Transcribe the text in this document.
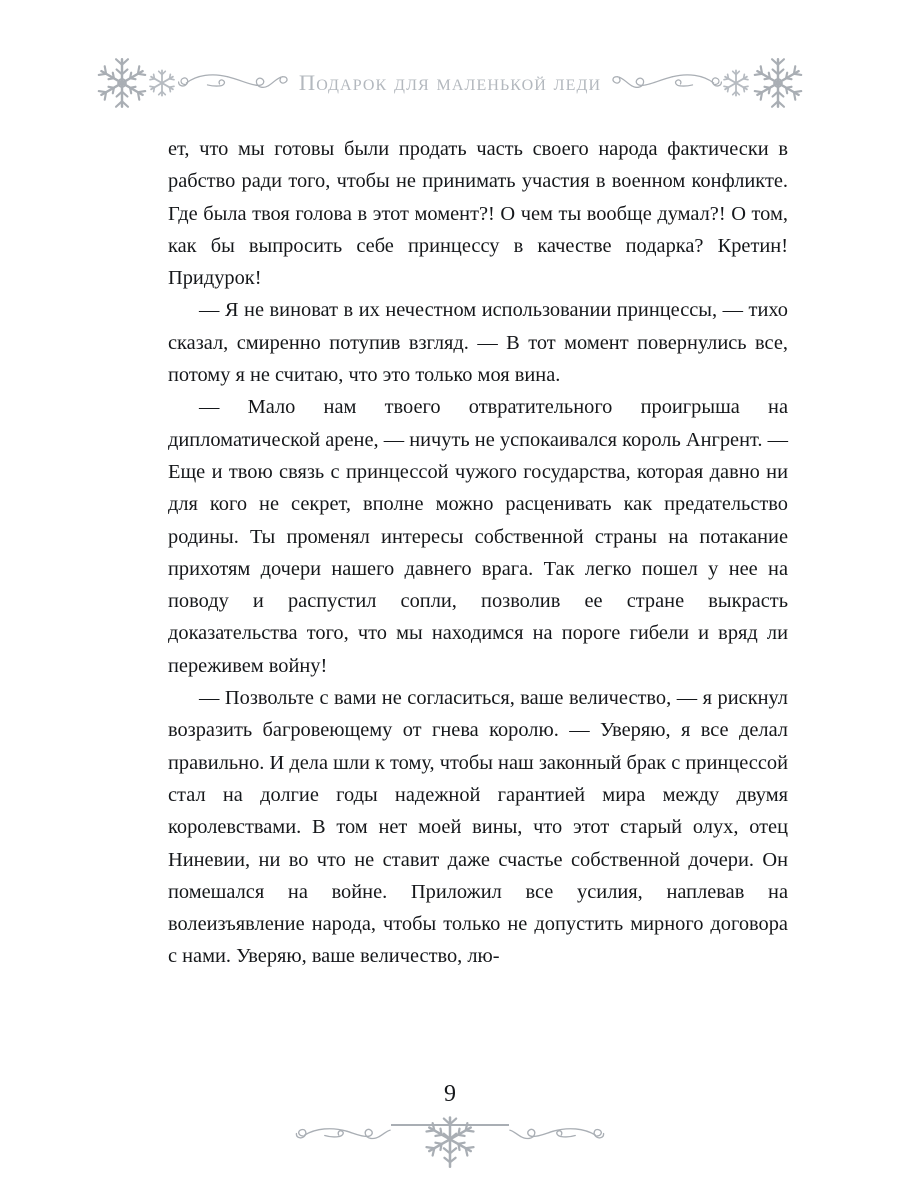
Подарок для маленькой леди

ет, что мы готовы были продать часть своего народа фактически в рабство ради того, чтобы не принимать участия в военном конфликте. Где была твоя голова в этот момент?! О чем ты вообще думал?! О том, как бы выпросить себе принцессу в качестве подарка? Кретин! Придурок!

— Я не виноват в их нечестном использовании принцессы, — тихо сказал, смиренно потупив взгляд. — В тот момент повернулись все, потому я не считаю, что это только моя вина.

— Мало нам твоего отвратительного проигрыша на дипломатической арене, — ничуть не успокаивался король Ангрент. — Еще и твою связь с принцессой чужого государства, которая давно ни для кого не секрет, вполне можно расценивать как предательство родины. Ты променял интересы собственной страны на потакание прихотям дочери нашего давнего врага. Так легко пошел у нее на поводу и распустил сопли, позволив ее стране выкрасть доказательства того, что мы находимся на пороге гибели и вряд ли переживем войну!

— Позвольте с вами не согласиться, ваше величество, — я рискнул возразить багровеющему от гнева королю. — Уверяю, я все делал правильно. И дела шли к тому, чтобы наш законный брак с принцессой стал на долгие годы надежной гарантией мира между двумя королевствами. В том нет моей вины, что этот старый олух, отец Ниневии, ни во что не ставит даже счастье собственной дочери. Он помешался на войне. Приложил все усилия, наплевав на волеизъявление народа, чтобы только не допустить мирного договора с нами. Уверяю, ваше величество, лю-

9
